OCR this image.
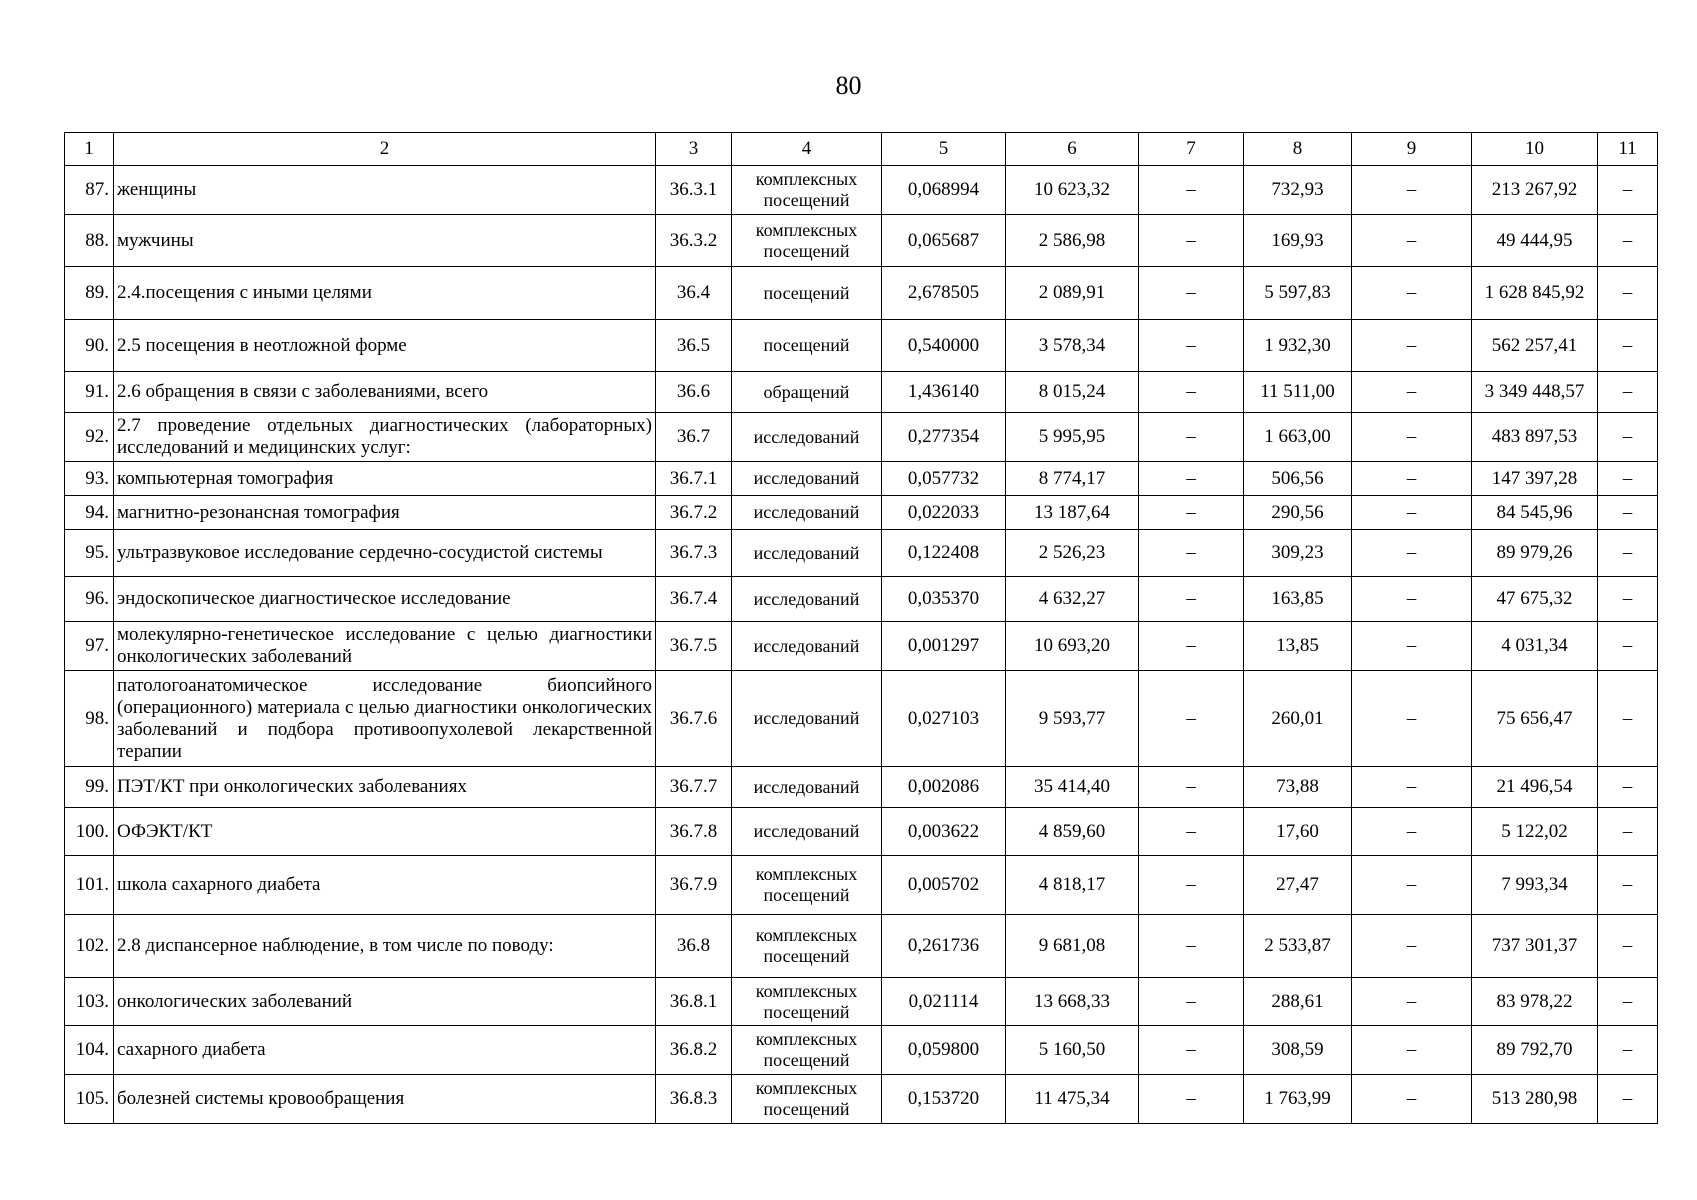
80
1	2	3	4	5	6	7	8	9	10	11
87.	женщины	36.3.1	комплексных посещений	0,068994	10 623,32	–	732,93	–	213 267,92	–
88.	мужчины	36.3.2	комплексных посещений	0,065687	2 586,98	–	169,93	–	49 444,95	–
89.	2.4.посещения с иными целями	36.4	посещений	2,678505	2 089,91	–	5 597,83	–	1 628 845,92	–
90.	2.5 посещения в неотложной форме	36.5	посещений	0,540000	3 578,34	–	1 932,30	–	562 257,41	–
91.	2.6 обращения в связи с заболеваниями, всего	36.6	обращений	1,436140	8 015,24	–	11 511,00	–	3 349 448,57	–
92.	2.7 проведение отдельных диагностических (лабораторных) исследований и медицинских услуг:	36.7	исследований	0,277354	5 995,95	–	1 663,00	–	483 897,53	–
93.	компьютерная томография	36.7.1	исследований	0,057732	8 774,17	–	506,56	–	147 397,28	–
94.	магнитно-резонансная томография	36.7.2	исследований	0,022033	13 187,64	–	290,56	–	84 545,96	–
95.	ультразвуковое исследование сердечно-сосудистой системы	36.7.3	исследований	0,122408	2 526,23	–	309,23	–	89 979,26	–
96.	эндоскопическое диагностическое исследование	36.7.4	исследований	0,035370	4 632,27	–	163,85	–	47 675,32	–
97.	молекулярно-генетическое исследование с целью диагностики онкологических заболеваний	36.7.5	исследований	0,001297	10 693,20	–	13,85	–	4 031,34	–
98.	патологоанатомическое исследование биопсийного (операционного) материала с целью диагностики онкологических заболеваний и подбора противоопухолевой лекарственной терапии	36.7.6	исследований	0,027103	9 593,77	–	260,01	–	75 656,47	–
99.	ПЭТ/КТ при онкологических заболеваниях	36.7.7	исследований	0,002086	35 414,40	–	73,88	–	21 496,54	–
100.	ОФЭКТ/КТ	36.7.8	исследований	0,003622	4 859,60	–	17,60	–	5 122,02	–
101.	школа сахарного диабета	36.7.9	комплексных посещений	0,005702	4 818,17	–	27,47	–	7 993,34	–
102.	2.8 диспансерное наблюдение, в том числе по поводу:	36.8	комплексных посещений	0,261736	9 681,08	–	2 533,87	–	737 301,37	–
103.	онкологических заболеваний	36.8.1	комплексных посещений	0,021114	13 668,33	–	288,61	–	83 978,22	–
104.	сахарного диабета	36.8.2	комплексных посещений	0,059800	5 160,50	–	308,59	–	89 792,70	–
105.	болезней системы кровообращения	36.8.3	комплексных посещений	0,153720	11 475,34	–	1 763,99	–	513 280,98	–
